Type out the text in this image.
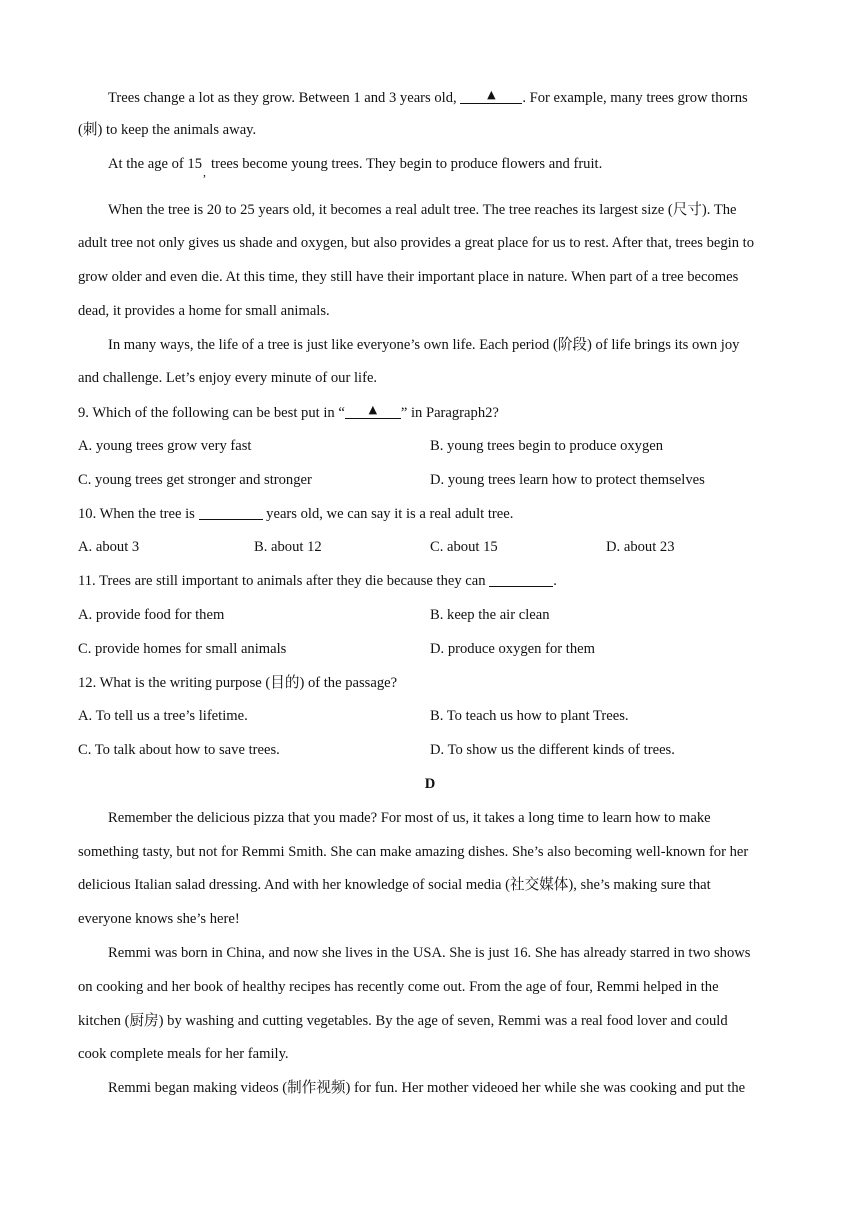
Trees change a lot as they grow. Between 1 and 3 years old, ▲	. For example, many trees grow thorns
(刺) to keep the animals away.
At the age of $15_,$ trees become young trees. They begin to produce flowers and fruit.
When the tree is 20 to 25 years old, it becomes a real adult tree. The tree reaches its largest size (尺寸). The
adult tree not only gives us shade and oxygen, but also provides a great place for us to rest. After that, trees begin to
grow older and even die. At this time, they still have their important place in nature. When part of a tree becomes
dead, it provides a home for small animals.
In many ways, the life of a tree is just like everyone’s own life. Each period (阶段) of life brings its own joy
and challenge. Let’s enjoy every minute of our life.
9. Which of the following can be best put in “ ▲	” in Paragraph2?
A. young trees grow very fast	B. young trees begin to produce oxygen
C. young trees get stronger and stronger	D. young trees learn how to protect themselves
10. When the tree is	years old, we can say it is a real adult tree.
A. about 3	B. about 12	C. about 15	D. about 23
11. Trees are still important to animals after they die because they can	.
A. provide food for them	B. keep the air clean
C. provide homes for small animals	D. produce oxygen for them
12. What is the writing purpose (目的) of the passage?
A. To tell us a tree’s lifetime.	B. To teach us how to plant Trees.
C. To talk about how to save trees.	D. To show us the different kinds of trees.
D
Remember the delicious pizza that you made? For most of us, it takes a long time to learn how to make
something tasty, but not for Remmi Smith. She can make amazing dishes. She’s also becoming well-known for her
delicious Italian salad dressing. And with her knowledge of social media (社交媒体), she’s making sure that
everyone knows she’s here!
Remmi was born in China, and now she lives in the USA. She is just 16. She has already starred in two shows
on cooking and her book of healthy recipes has recently come out. From the age of four, Remmi helped in the
kitchen (厨房) by washing and cutting vegetables. By the age of seven, Remmi was a real food lover and could
cook complete meals for her family.
Remmi began making videos (制作视频) for fun. Her mother videoed her while she was cooking and put the
